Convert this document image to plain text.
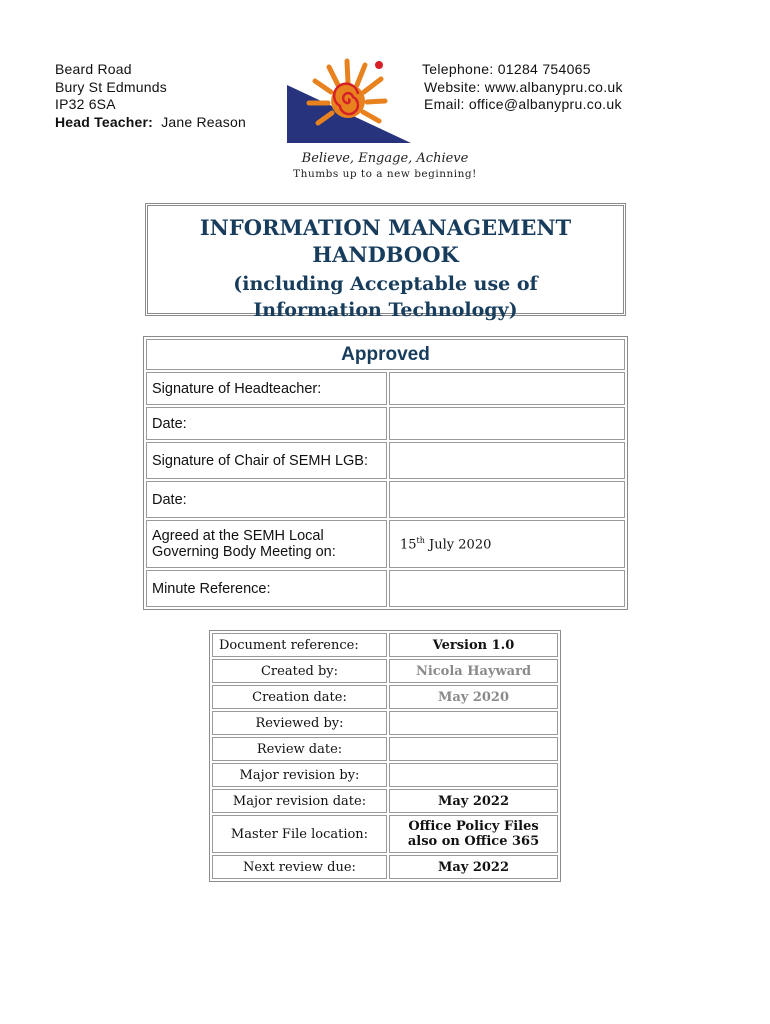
Beard Road
Bury St Edmunds
IP32 6SA
Head Teacher: Jane Reason
Telephone: 01284 754065
Website: www.albanypru.co.uk
Email: office@albanypru.co.uk
Believe, Engage, Achieve
Thumbs up to a new beginning!
INFORMATION MANAGEMENT
HANDBOOK
(including Acceptable use of
Information Technology)
Approved	
Signature of Headteacher:	
Date:	
Signature of Chair of SEMH LGB:	
Date:	

Agreed at the SEMH Local
Governing Body Meeting on:	15th July 2020
Minute Reference:	
Document reference:	Version 1.0
Created by:	Nicola Hayward
Creation date:	May 2020
Reviewed by:	
Review date:	
Major revision by:	
Major revision date:	May 2022
Master File location:	Office Policy Files
also on Office 365

Next review due:	May 2022
